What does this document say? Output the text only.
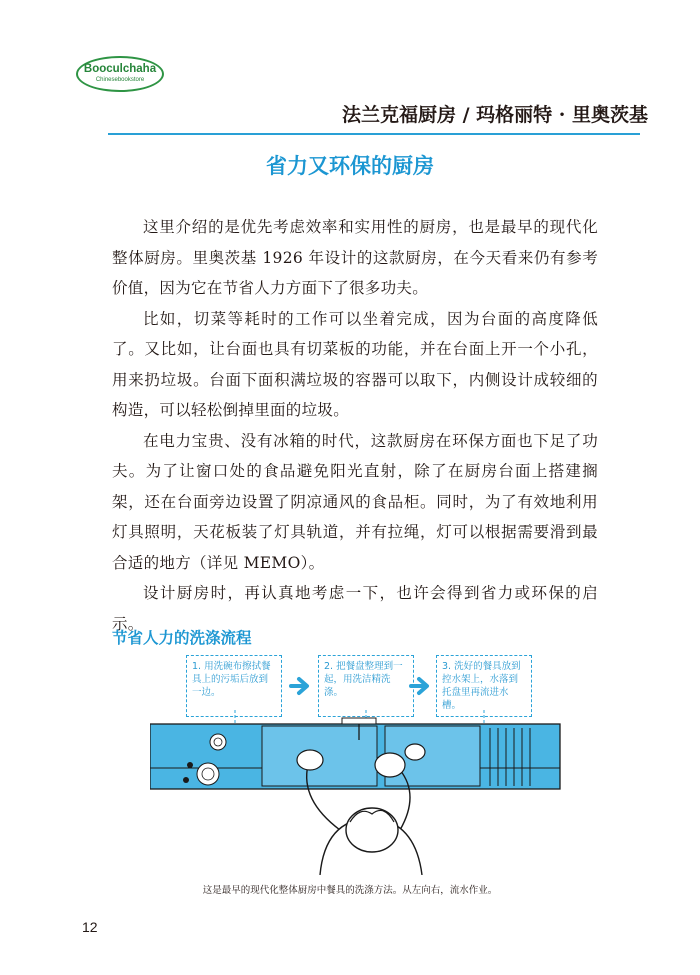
Booculchaha
Chinesebookstore
法兰克福厨房 / 玛格丽特 · 里奥茨基
省力又环保的厨房

这里介绍的是优先考虑效率和实用性的厨房，也是最早的现代化整体厨房。里奥茨基 1926 年设计的这款厨房，在今天看来仍有参考价值，因为它在节省人力方面下了很多功夫。

比如，切菜等耗时的工作可以坐着完成，因为台面的高度降低了。又比如，让台面也具有切菜板的功能，并在台面上开一个小孔，用来扔垃圾。台面下面积满垃圾的容器可以取下，内侧设计成较细的构造，可以轻松倒掉里面的垃圾。

在电力宝贵、没有冰箱的时代，这款厨房在环保方面也下足了功夫。为了让窗口处的食品避免阳光直射，除了在厨房台面上搭建搁架，还在台面旁边设置了阴凉通风的食品柜。同时，为了有效地利用灯具照明，天花板装了灯具轨道，并有拉绳，灯可以根据需要滑到最合适的地方（详见 MEMO）。

设计厨房时，再认真地考虑一下，也许会得到省力或环保的启示。

节省人力的洗涤流程
1. 用洗碗布擦拭餐具上的污垢后放到一边。
2. 把餐盘整理到一起，用洗洁精洗涤。
3. 洗好的餐具放到控水架上，水落到托盘里再流进水槽。
这是最早的现代化整体厨房中餐具的洗涤方法。从左向右，流水作业。
12
